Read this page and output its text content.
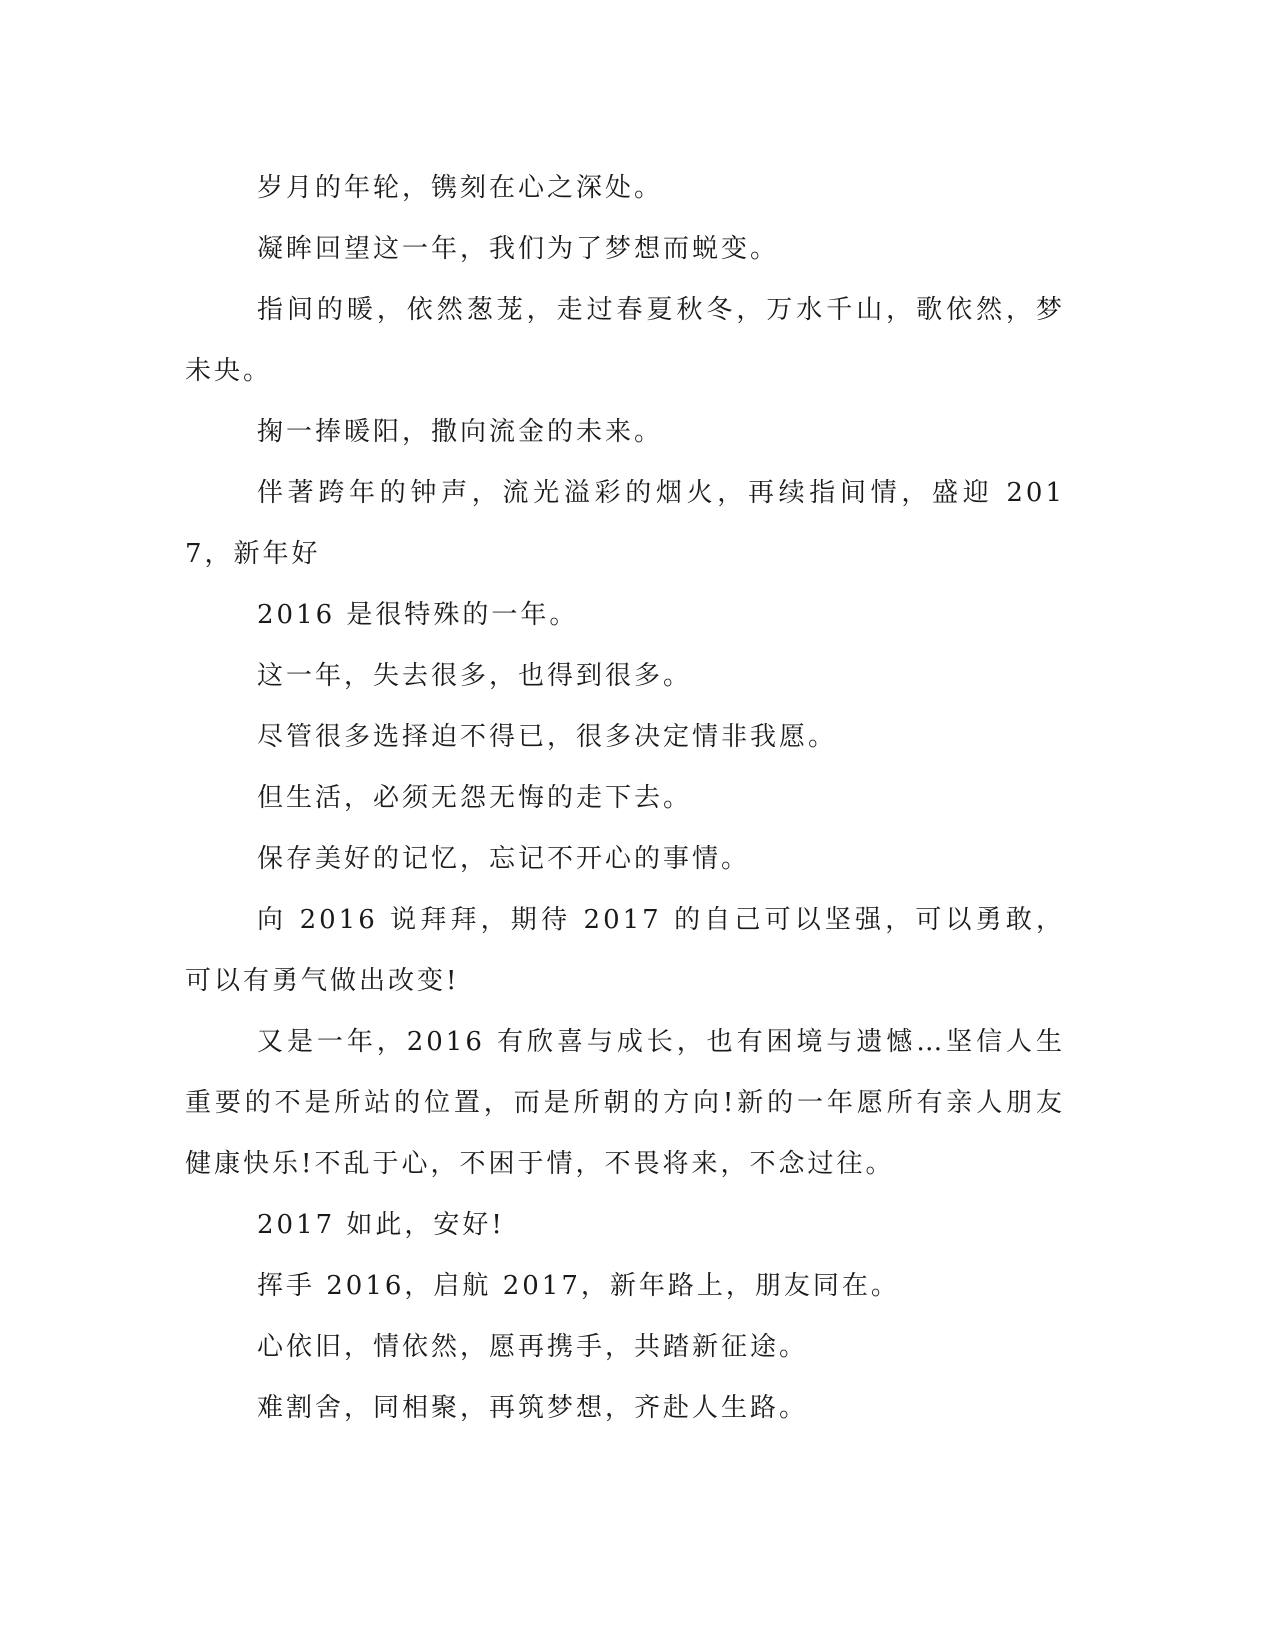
岁月的年轮，镌刻在心之深处。

凝眸回望这一年，我们为了梦想而蜕变。

指间的暖，依然葱茏，走过春夏秋冬，万水千山，歌依然，梦未央。

掬一捧暖阳，撒向流金的未来。

伴著跨年的钟声，流光溢彩的烟火，再续指间情，盛迎 2017，新年好

2016 是很特殊的一年。

这一年，失去很多，也得到很多。

尽管很多选择迫不得已，很多决定情非我愿。

但生活，必须无怨无悔的走下去。

保存美好的记忆，忘记不开心的事情。

向 2016 说拜拜，期待 2017 的自己可以坚强，可以勇敢，可以有勇气做出改变!

又是一年，2016 有欣喜与成长，也有困境与遗憾…坚信人生重要的不是所站的位置，而是所朝的方向!新的一年愿所有亲人朋友健康快乐!不乱于心，不困于情，不畏将来，不念过往。

2017 如此，安好!

挥手 2016，启航 2017，新年路上，朋友同在。

心依旧，情依然，愿再携手，共踏新征途。

难割舍，同相聚，再筑梦想，齐赴人生路。
